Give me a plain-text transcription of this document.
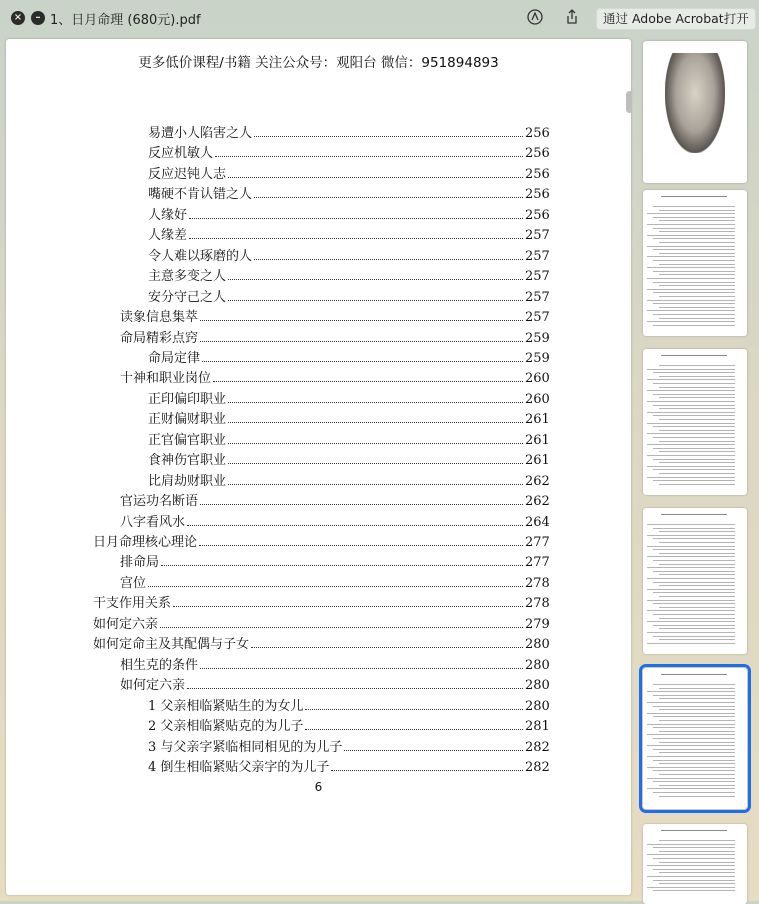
×	– 1、日月命理 (680元).pdf	通过 Adobe Acrobat打开
更多低价课程/书籍 关注公众号：观阳台 微信：951894893
易遭小人陷害之人	256
反应机敏人	256
反应迟钝人志	256
嘴硬不肯认错之人	256
人缘好	256
人缘差	257
令人难以琢磨的人	257
主意多变之人	257
安分守己之人	257
读象信息集萃	257
命局精彩点窍	259
命局定律	259
十神和职业岗位	260
正印偏印职业	260
正财偏财职业	261
正官偏官职业	261
食神伤官职业	261
比肩劫财职业	262
官运功名断语	262
八字看风水	264
日月命理核心理论	277
排命局	277
宫位	278
干支作用关系	278
如何定六亲	279
如何定命主及其配偶与子女	280
相生克的条件	280
如何定六亲	280
1 父亲相临紧贴生的为女儿	280
2 父亲相临紧贴克的为儿子	281
3 与父亲字紧临相同相见的为儿子	282
4 倒生相临紧贴父亲字的为儿子	282
6
